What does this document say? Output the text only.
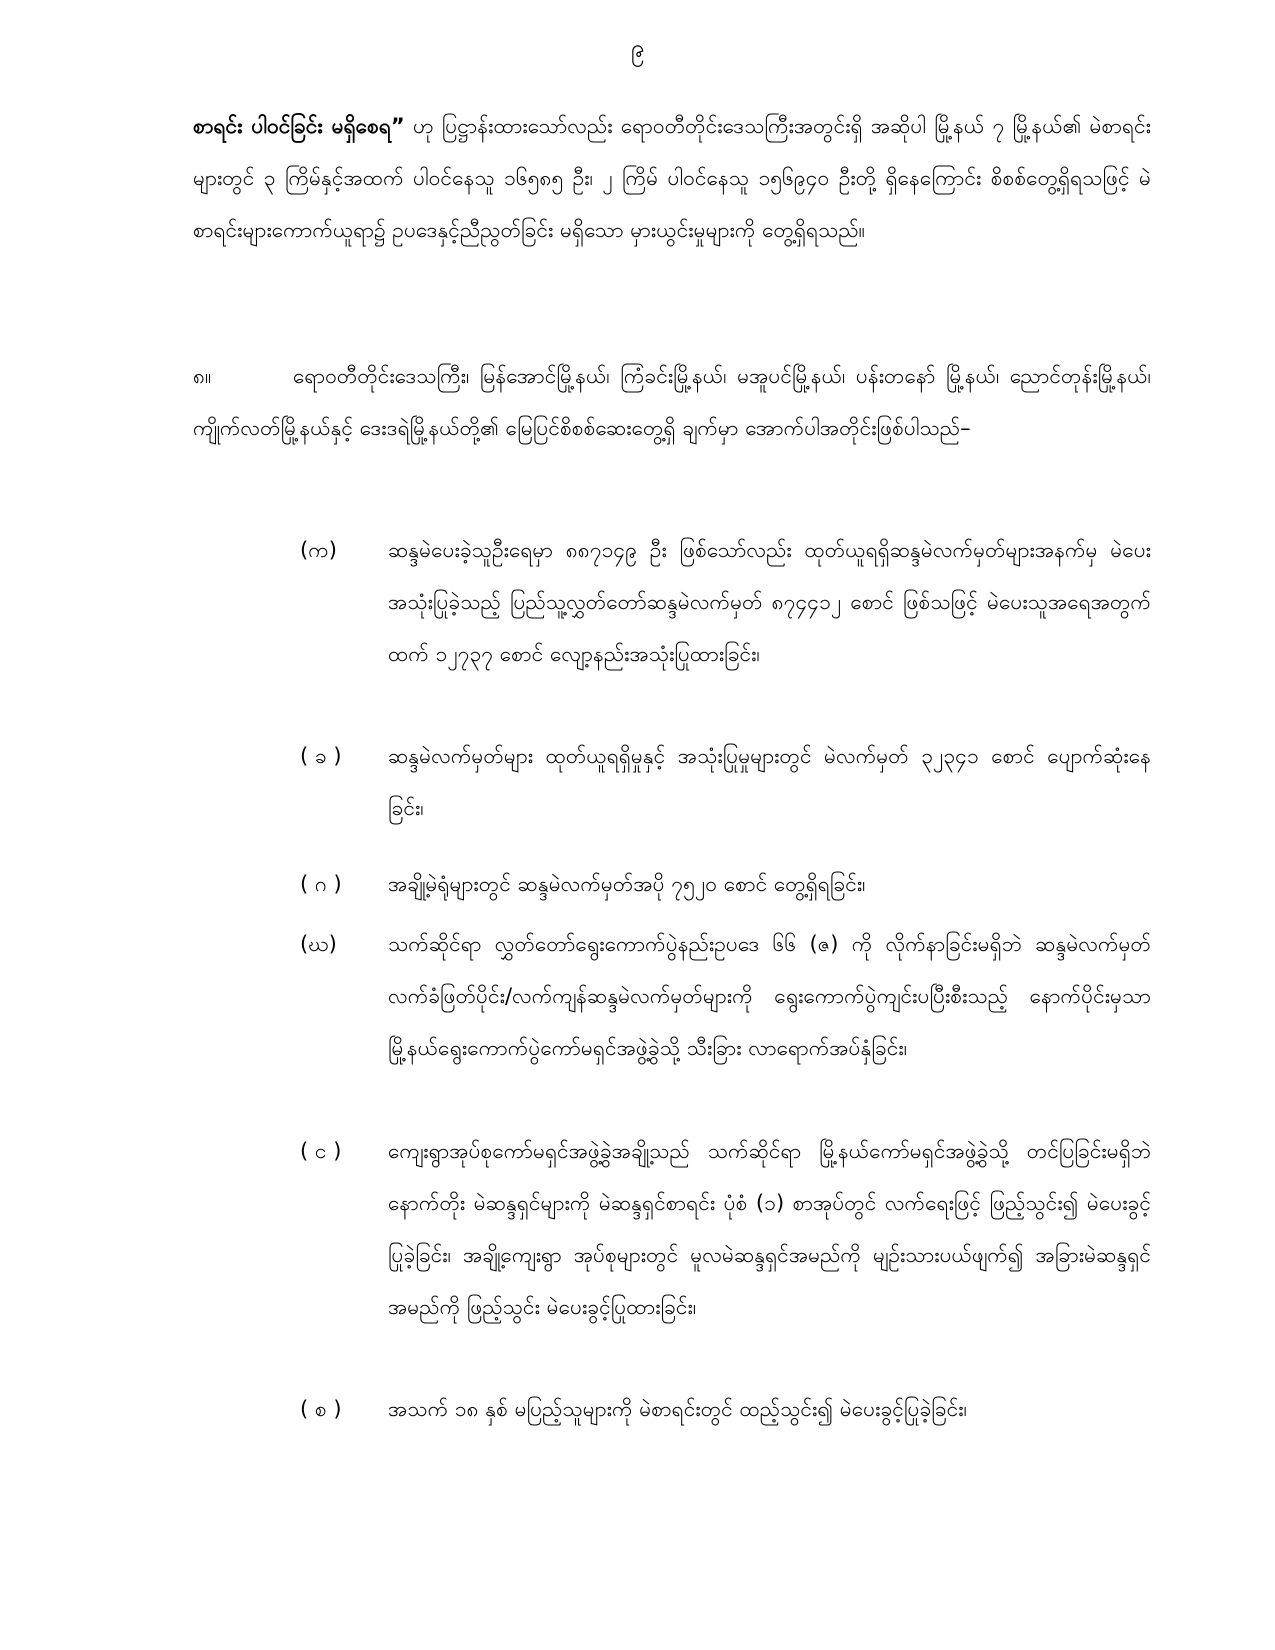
၉
စာရင်း ပါဝင်ခြင်း မရှိစေရ” ဟု ပြဋ္ဌာန်းထားသော်လည်း ရောဝတီတိုင်းဒေသကြီးအတွင်းရှိ အဆိုပါ မြို့နယ် ၇ မြို့နယ်၏ မဲစာရင်းများတွင် ၃ ကြိမ်နှင့်အထက် ပါဝင်နေသူ ၁၆၅၈၅ ဦး၊ ၂ ကြိမ် ပါဝင်နေသူ ၁၅၆၉၄၀ ဦးတို့ ရှိနေကြောင်း စိစစ်တွေ့ရှိရသဖြင့် မဲစာရင်းများကောက်ယူရာ၌ ဥပဒေနှင့်ညီညွတ်ခြင်း မရှိသော မှားယွင်းမှုများကို တွေ့ရှိရသည်။
၈။	ရောဝတီတိုင်းဒေသကြီး၊ မြန်အောင်မြို့နယ်၊ ကြံခင်းမြို့နယ်၊ မအူပင်မြို့နယ်၊ ပန်းတနော် မြို့နယ်၊ ညောင်တုန်းမြို့နယ်၊ ကျိုက်လတ်မြို့နယ်နှင့် ဒေးဒရဲမြို့နယ်တို့၏ မြေပြင်စိစစ်ဆေးတွေ့ရှိ ချက်မှာ အောက်ပါအတိုင်းဖြစ်ပါသည်–
(က)	ဆန္ဒမဲပေးခဲ့သူဦးရေမှာ ၈၈၇၁၄၉ ဦး ဖြစ်သော်လည်း ထုတ်ယူရရှိဆန္ဒမဲလက်မှတ်များအနက်မှ မဲပေးအသုံးပြုခဲ့သည့် ပြည်သူ့လွှတ်တော်ဆန္ဒမဲလက်မှတ် ၈၇၄၄၁၂ စောင် ဖြစ်သဖြင့် မဲပေးသူအရေအတွက်ထက် ၁၂၇၃၇ စောင် လျော့နည်းအသုံးပြုထားခြင်း၊
( ခ )	ဆန္ဒမဲလက်မှတ်များ ထုတ်ယူရရှိမှုနှင့် အသုံးပြုမှုများတွင် မဲလက်မှတ် ၃၂၃၄၁ စောင် ပျောက်ဆုံးနေခြင်း၊
( ဂ )	အချို့မဲရုံများတွင် ဆန္ဒမဲလက်မှတ်အပို ၇၅၂၀ စောင် တွေ့ရှိရခြင်း၊
(ဃ)	သက်ဆိုင်ရာ လွှတ်တော်ရွေးကောက်ပွဲနည်းဥပဒေ ၆၆ (ဇ) ကို လိုက်နာခြင်းမရှိဘဲ ဆန္ဒမဲလက်မှတ် လက်ခံဖြတ်ပိုင်း/လက်ကျန်ဆန္ဒမဲလက်မှတ်များကို ရွေးကောက်ပွဲကျင်းပပြီးစီးသည့် နောက်ပိုင်းမှသာ မြို့နယ်ရွေးကောက်ပွဲကော်မရှင်အဖွဲ့ခွဲသို့ သီးခြား လာရောက်အပ်နှံခြင်း၊
( င )	ကျေးရွာအုပ်စုကော်မရှင်အဖွဲ့ခွဲအချို့သည် သက်ဆိုင်ရာ မြို့နယ်ကော်မရှင်အဖွဲ့ခွဲသို့ တင်ပြခြင်းမရှိဘဲ နောက်တိုး မဲဆန္ဒရှင်များကို မဲဆန္ဒရှင်စာရင်း ပုံစံ (၁) စာအုပ်တွင် လက်ရေးဖြင့် ဖြည့်သွင်း၍ မဲပေးခွင့်ပြုခဲ့ခြင်း၊ အချို့ကျေးရွာ အုပ်စုများတွင် မူလမဲဆန္ဒရှင်အမည်ကို မျဉ်းသားပယ်ဖျက်၍ အခြားမဲဆန္ဒရှင် အမည်ကို ဖြည့်သွင်း မဲပေးခွင့်ပြုထားခြင်း၊
( စ )	အသက် ၁၈ နှစ် မပြည့်သူများကို မဲစာရင်းတွင် ထည့်သွင်း၍ မဲပေးခွင့်ပြုခဲ့ခြင်း၊
